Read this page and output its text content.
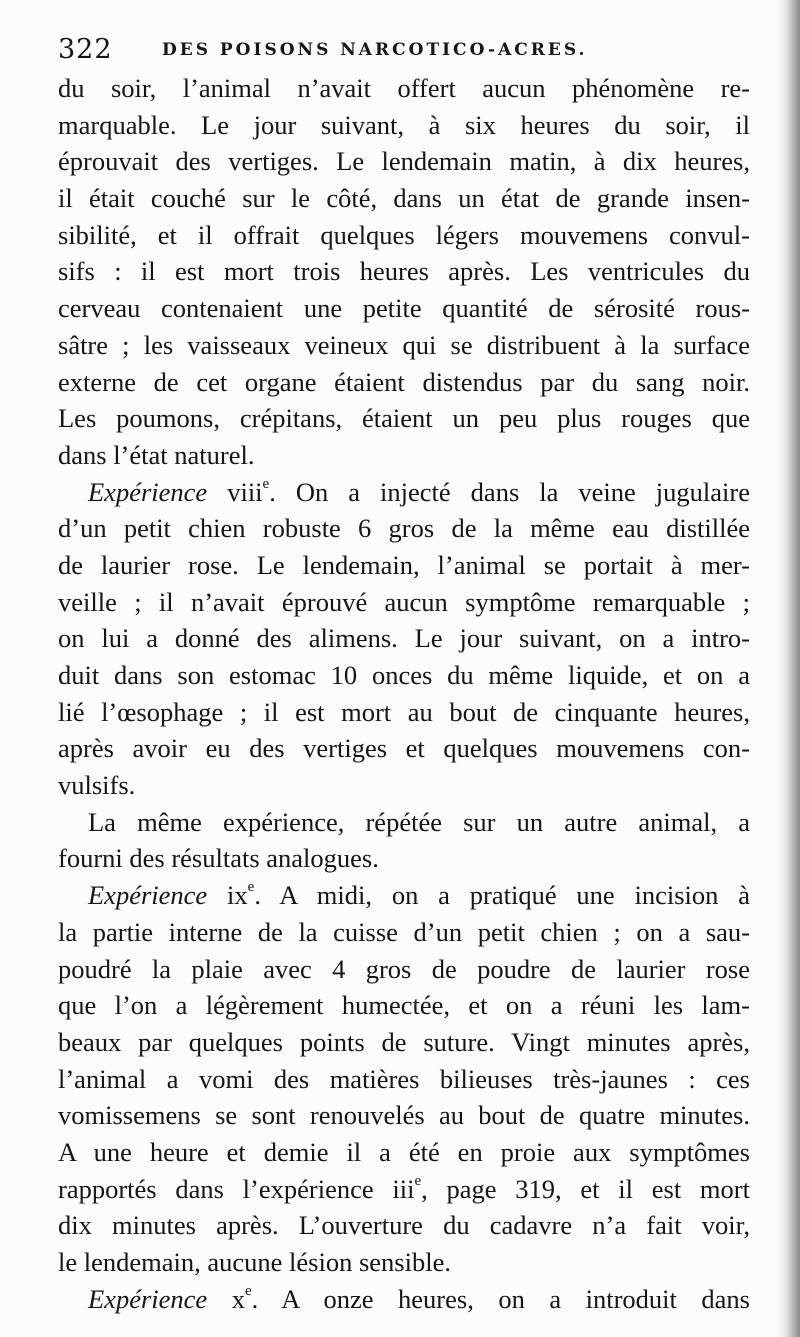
322	DES POISONS NARCOTICO-ACRES.
du soir, l’animal n’avait offert aucun phénomène re-
marquable. Le jour suivant, à six heures du soir, il
éprouvait des vertiges. Le lendemain matin, à dix heures,
il était couché sur le côté, dans un état de grande insen-
sibilité, et il offrait quelques légers mouvemens convul-
sifs : il est mort trois heures après. Les ventricules du
cerveau contenaient une petite quantité de sérosité rous-
sâtre ; les vaisseaux veineux qui se distribuent à la surface
externe de cet organe étaient distendus par du sang noir.
Les poumons, crépitans, étaient un peu plus rouges que
dans l’état naturel.
Expérience viii$^e$. On a injecté dans la veine jugulaire
d’un petit chien robuste 6 gros de la même eau distillée
de laurier rose. Le lendemain, l’animal se portait à mer-
veille ; il n’avait éprouvé aucun symptôme remarquable ;
on lui a donné des alimens. Le jour suivant, on a intro-
duit dans son estomac 10 onces du même liquide, et on a
lié l’œsophage ; il est mort au bout de cinquante heures,
après avoir eu des vertiges et quelques mouvemens con-
vulsifs.
La même expérience, répétée sur un autre animal, a
fourni des résultats analogues.
Expérience $ix^e$. A midi, on a pratiqué une incision à
la partie interne de la cuisse d’un petit chien ; on a sau-
poudré la plaie avec 4 gros de poudre de laurier rose
que l’on a légèrement humectée, et on a réuni les lam-
beaux par quelques points de suture. Vingt minutes après,
l’animal a vomi des matières bilieuses très-jaunes : ces
vomissemens se sont renouvelés au bout de quatre minutes.
A une heure et demie il a été en proie aux symptômes
rapportés dans l’expérience iii$^e$, page 319, et il est mort
dix minutes après. L’ouverture du cadavre n’a fait voir,
le lendemain, aucune lésion sensible.
Expérience $x^e$. A onze heures, on a introduit dans
